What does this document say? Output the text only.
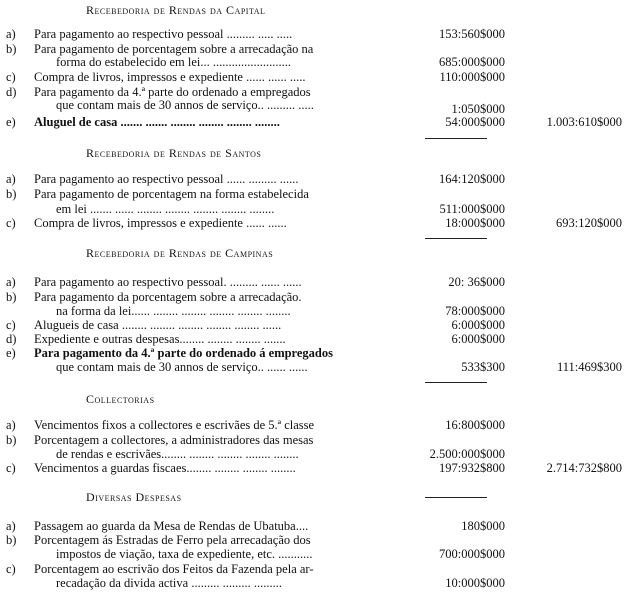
Recebedoria de Rendas da Capital
a)	Para pagamento ao respectivo pessoal ......... ..... .....	153:560$000
b)	Para pagamento de porcentagem sobre a arrecadação na
forma do estabelecido em lei... .........................	685:000$000
c)	Compra de livros, impressos e expediente ...... ...... .....	110:000$000
d)	Para pagamento da 4.ª parte do ordenado a empregados
que contam mais de 30 annos de serviço.. ......... .....	1:050$000
e)	Aluguel de casa ....... ....... ........ ........ ........ ........	54:000$000	1.003:610$000
Recebedoria de Rendas de Santos
a)	Para pagamento ao respectivo pessoal ...... ......... ......	164:120$000
b)	Para pagamento de porcentagem na forma estabelecida
em lei ....... ...... ........ ........ ........ ........ ........	511:000$000
c)	Compra de livros, impressos e expediente ...... ......	18:000$000	693:120$000
Recebedoria de Rendas de Campinas
a)	Para pagamento ao respectivo pessoal. ......... ...... ......	20: 36$000
b)	Para pagamento da porcentagem sobre a arrecadação.
na forma da lei...... ........ ........ ........ ........ ........	78:000$000
c)	Alugueis de casa ........ ........ ........ ........ ........ ......	6:000$000
d)	Expediente e outras despesas........ ........ ........ .......	6:000$000
e)	Para pagamento da 4.ª parte do ordenado á empregados
que contam mais de 30 annos de serviço.. ...... ......	533$300	111:469$300
Collectorias
a)	Vencimentos fixos a collectores e escrivães de 5.ª classe	16:800$000
b)	Porcentagem a collectores, a administradores das mesas
de rendas e escrivães........ ........ ........ ........ ........	2.500:000$000
c)	Vencimentos a guardas fiscaes........ ........ ........ ........	197:932$800	2.714:732$800
Diversas Despesas
a)	Passagem ao guarda da Mesa de Rendas de Ubatuba....	180$000
b)	Porcentagem ás Estradas de Ferro pela arrecadação dos
impostos de viação, taxa de expediente, etc. ...........	700:000$000
c)	Porcentagem ao escrivão dos Feitos da Fazenda pela ar-
recadação da divida activa ......... ......... .........	10:000$000
